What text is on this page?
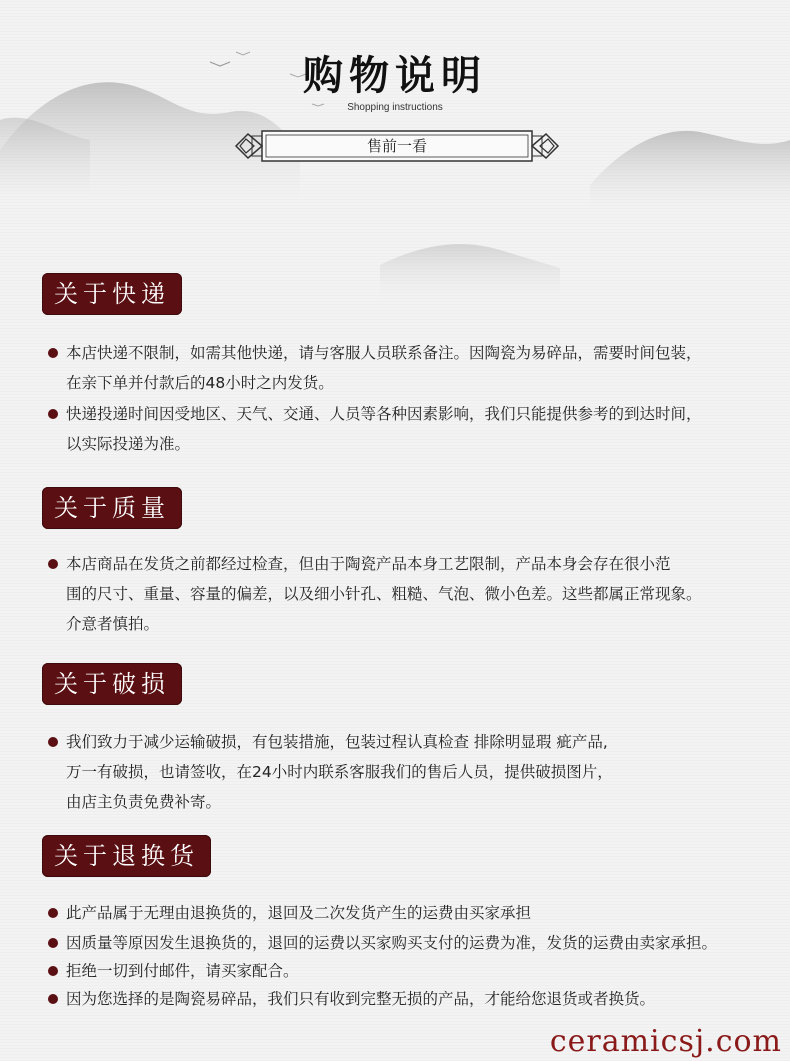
购物说明
Shopping instructions
售前一看
关于快递
本店快递不限制，如需其他快递，请与客服人员联系备注。因陶瓷为易碎品，需要时间包装，
在亲下单并付款后的48小时之内发货。
快递投递时间因受地区、天气、交通、人员等各种因素影响，我们只能提供参考的到达时间，
以实际投递为准。
关于质量
本店商品在发货之前都经过检查，但由于陶瓷产品本身工艺限制，产品本身会存在很小范
围的尺寸、重量、容量的偏差，以及细小针孔、粗糙、气泡、微小色差。这些都属正常现象。
介意者慎拍。
关于破损
我们致力于减少运输破损，有包装措施，包装过程认真检查 排除明显瑕 疵产品,
万一有破损，也请签收，在24小时内联系客服我们的售后人员，提供破损图片，
由店主负责免费补寄。
关于退换货
此产品属于无理由退换货的，退回及二次发货产生的运费由买家承担
因质量等原因发生退换货的，退回的运费以买家购买支付的运费为准，发货的运费由卖家承担。
拒绝一切到付邮件，请买家配合。
因为您选择的是陶瓷易碎品，我们只有收到完整无损的产品，才能给您退货或者换货。
ceramicsj.com
